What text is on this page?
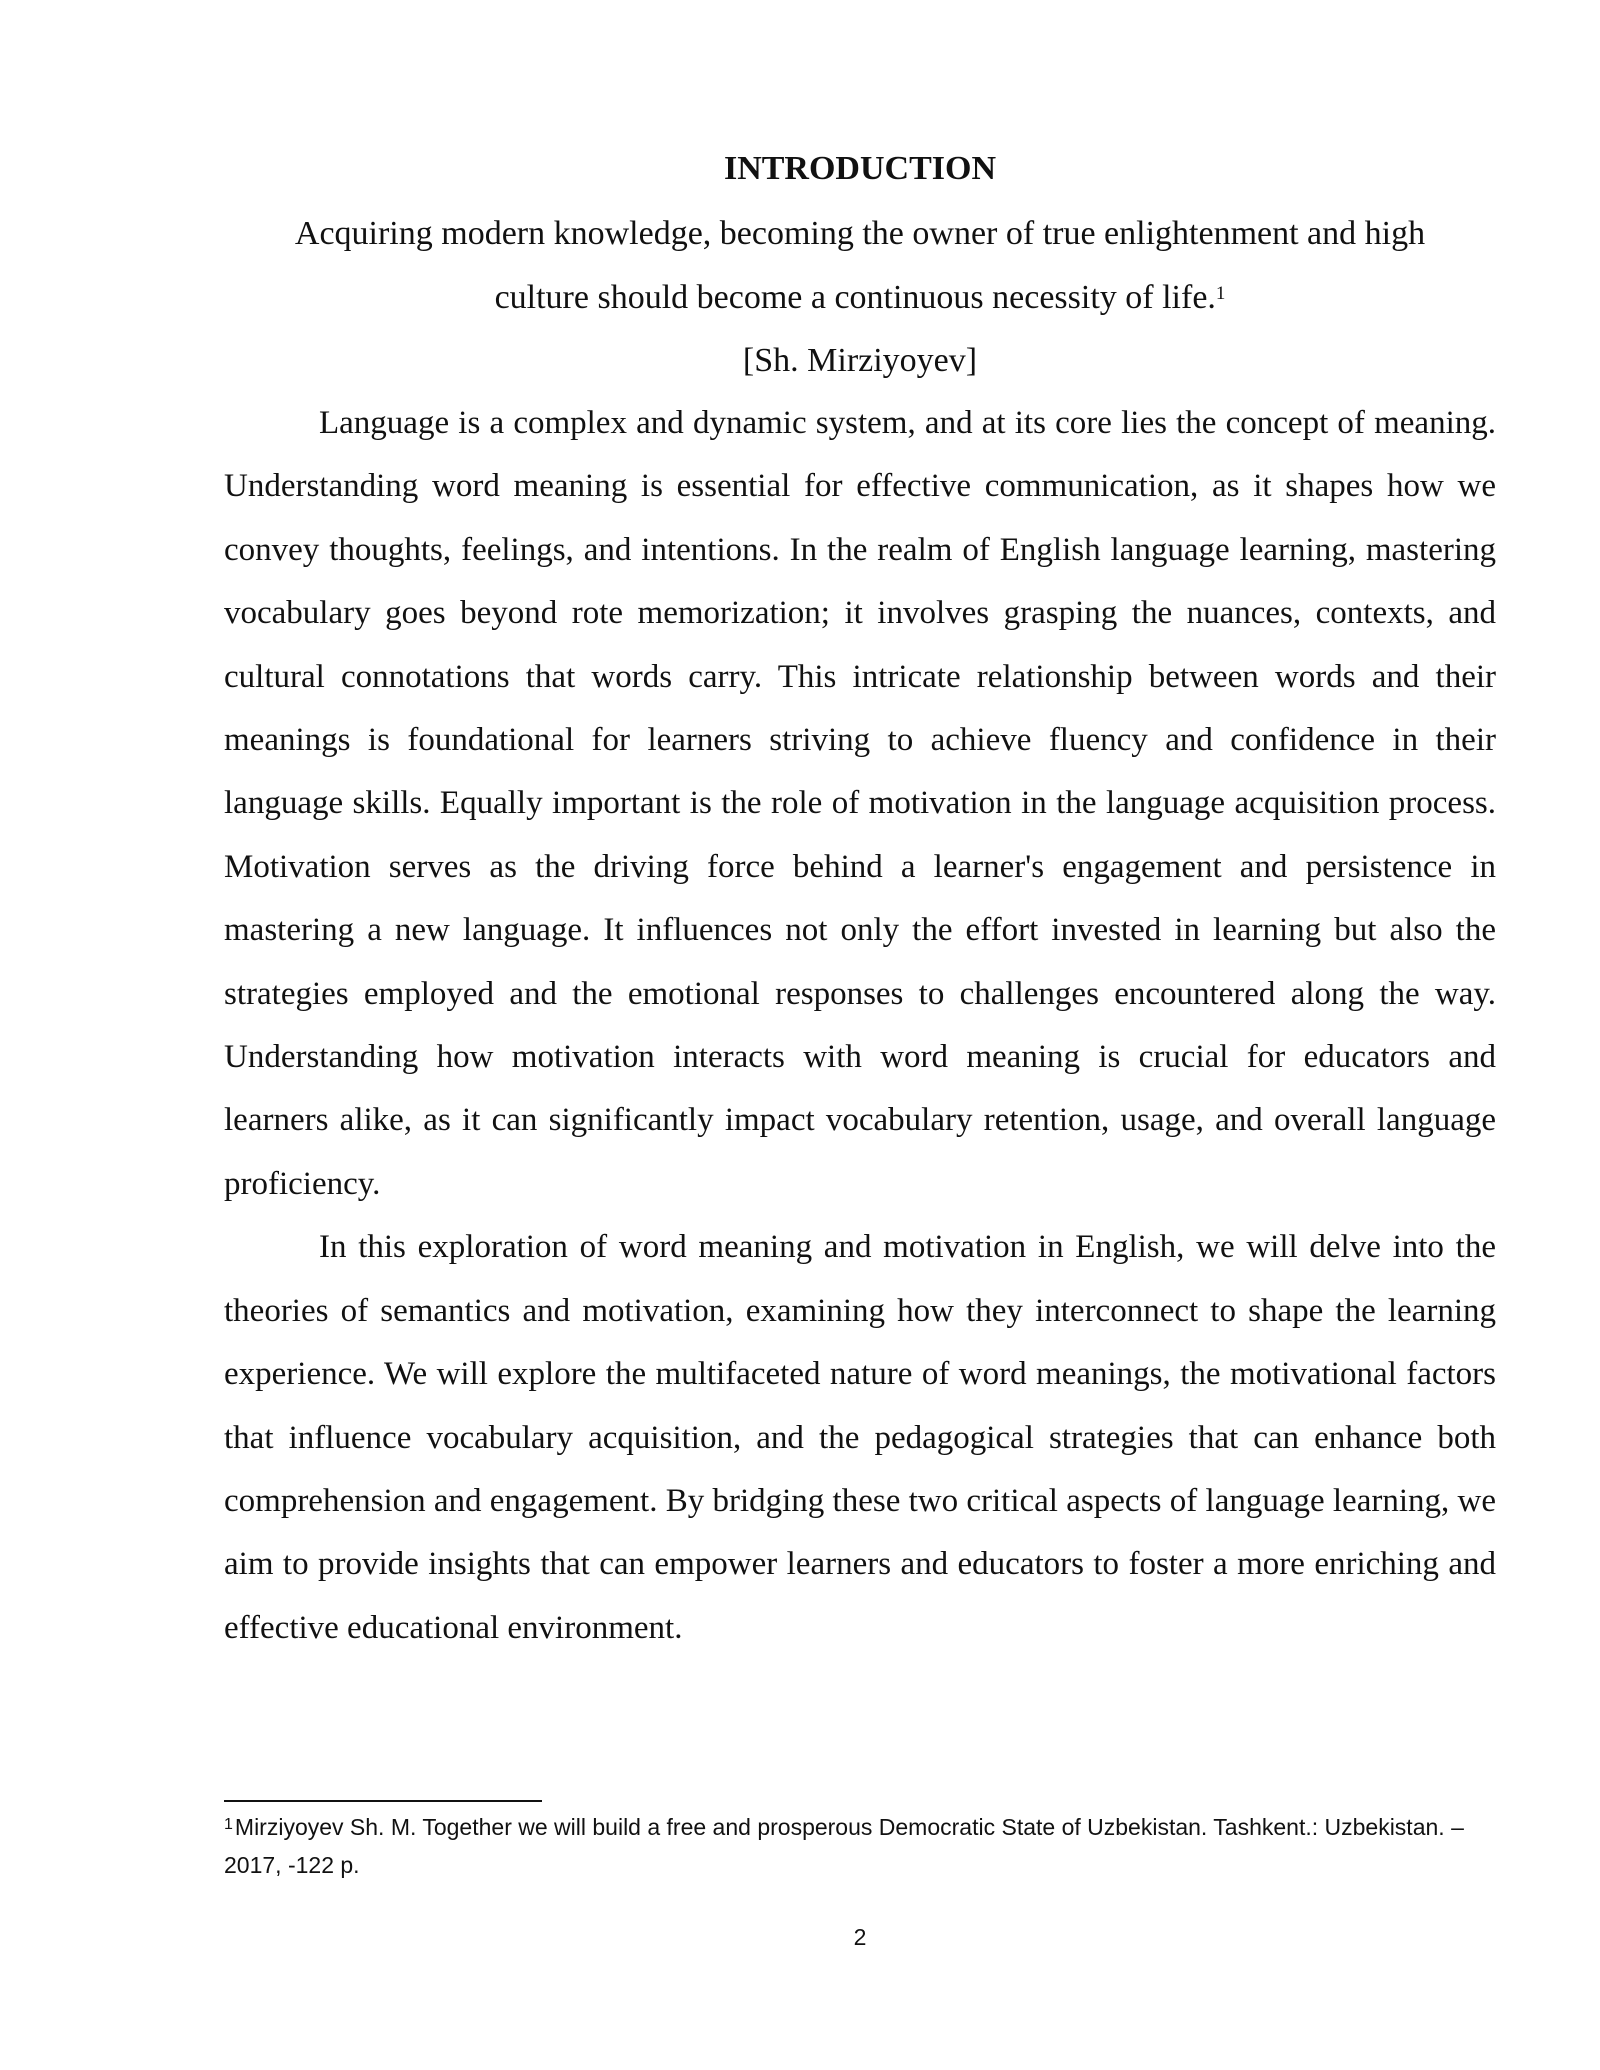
INTRODUCTION

Acquiring modern knowledge, becoming the owner of true enlightenment and high

culture should become a continuous necessity of life.$^1$

[Sh. Mirziyoyev]

Language is a complex and dynamic system, and at its core lies the concept of meaning. Understanding word meaning is essential for effective communication, as it shapes how we convey thoughts, feelings, and intentions. In the realm of English language learning, mastering vocabulary goes beyond rote memorization; it involves grasping the nuances, contexts, and cultural connotations that words carry. This intricate relationship between words and their meanings is foundational for learners striving to achieve fluency and confidence in their language skills. Equally important is the role of motivation in the language acquisition process. Motivation serves as the driving force behind a learner's engagement and persistence in mastering a new language. It influences not only the effort invested in learning but also the strategies employed and the emotional responses to challenges encountered along the way. Understanding how motivation interacts with word meaning is crucial for educators and learners alike, as it can significantly impact vocabulary retention, usage, and overall language proficiency.

In this exploration of word meaning and motivation in English, we will delve into the theories of semantics and motivation, examining how they interconnect to shape the learning experience. We will explore the multifaceted nature of word meanings, the motivational factors that influence vocabulary acquisition, and the pedagogical strategies that can enhance both comprehension and engagement. By bridging these two critical aspects of language learning, we aim to provide insights that can empower learners and educators to foster a more enriching and effective educational environment.

$^1$Mirziyoyev Sh. M. Together we will build a free and prosperous Democratic State of Uzbekistan. Tashkent.: Uzbekistan. – 2017, -122 p.
2
